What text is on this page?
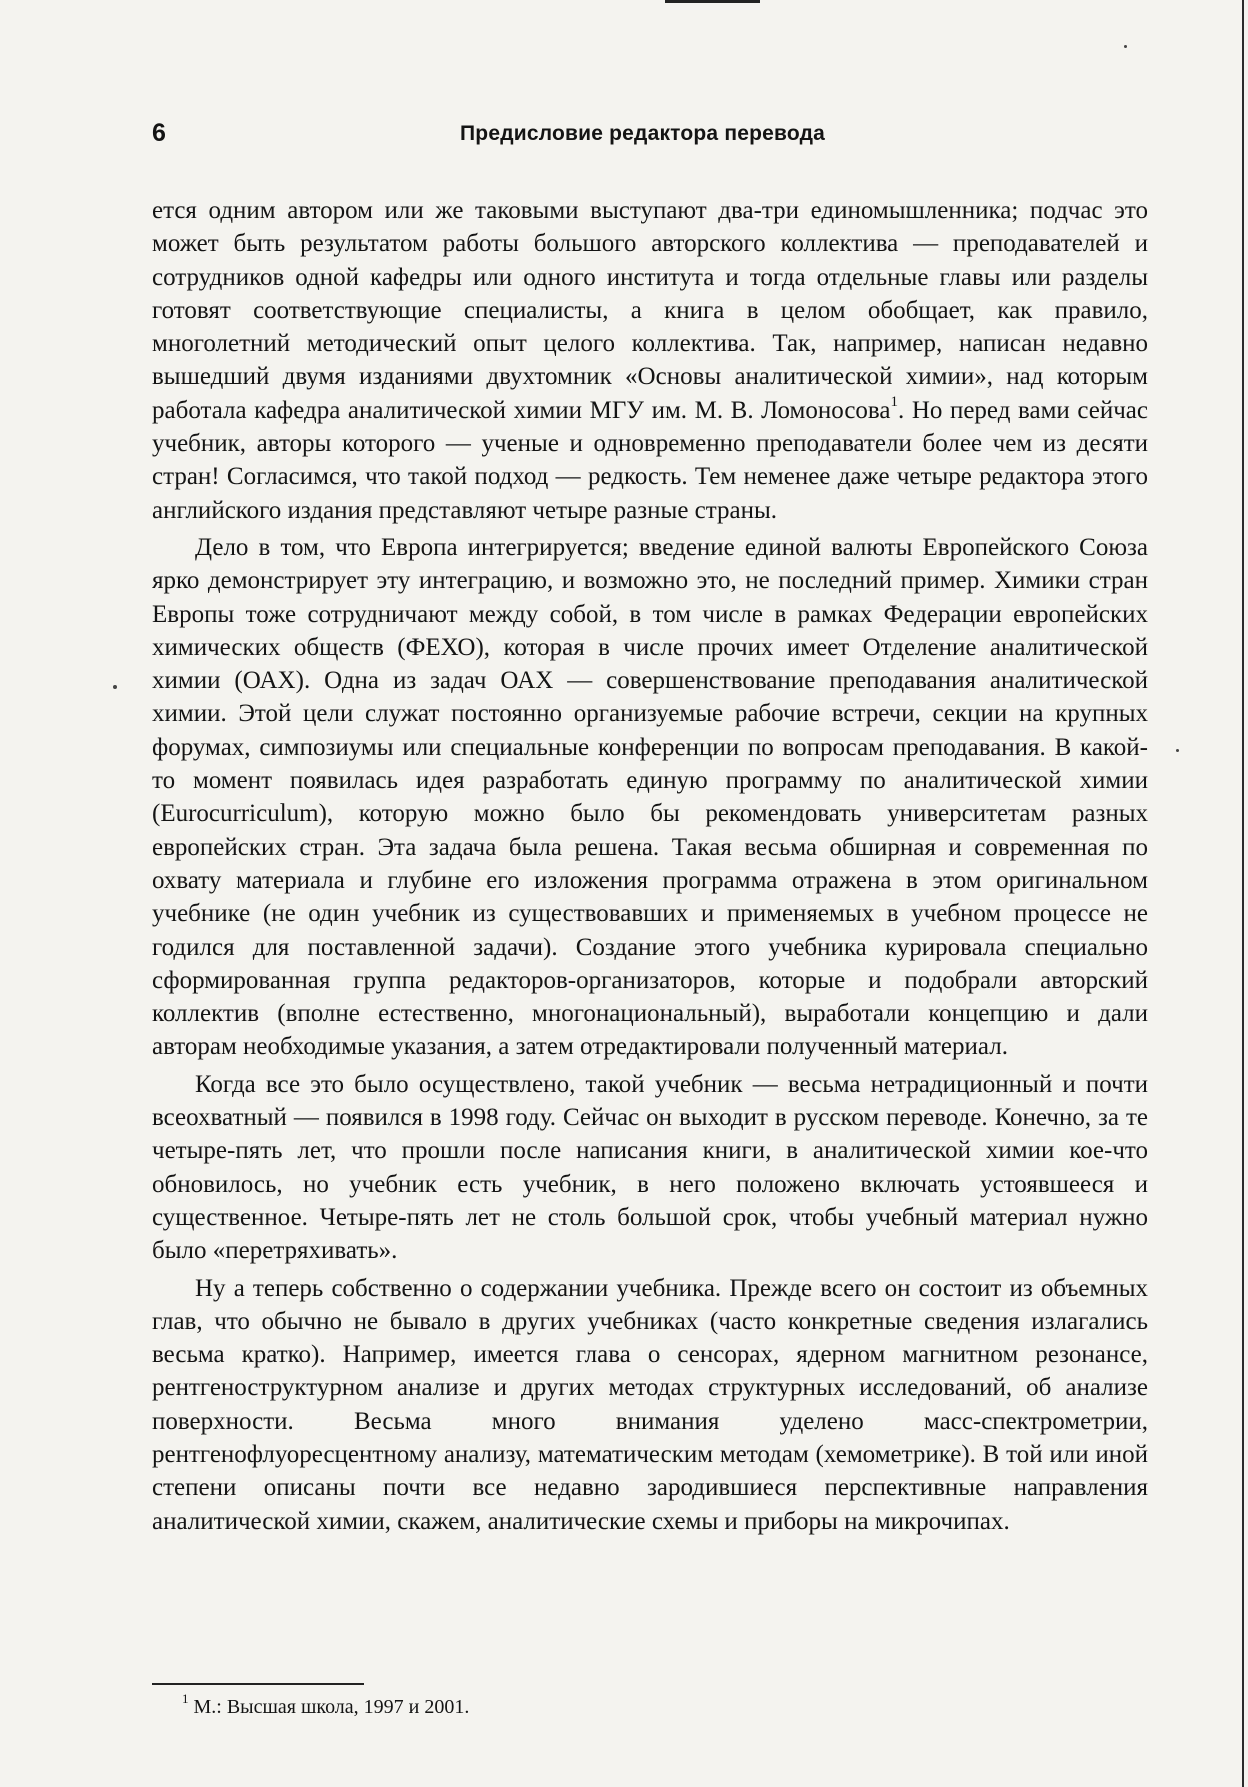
6	Предисловие редактора перевода

ется одним автором или же таковыми выступают два-три единомышленника; подчас это может быть результатом работы большого авторского коллектива — преподавателей и сотрудников одной кафедры или одного института и тогда отдельные главы или разделы готовят соответствующие специалисты, а книга в целом обобщает, как правило, многолетний методический опыт целого коллектива. Так, например, написан недавно вышедший двумя изданиями двухтомник «Основы аналитической химии», над которым работала кафедра аналитической химии МГУ им. М. В. Ломоносова$^1$. Но перед вами сейчас учебник, авторы которого — ученые и одновременно преподаватели более чем из десяти стран! Согласимся, что такой подход — редкость. Тем неменее даже четыре редактора этого английского издания представляют четыре разные страны.

Дело в том, что Европа интегрируется; введение единой валюты Европейского Союза ярко демонстрирует эту интеграцию, и возможно это, не последний пример. Химики стран Европы тоже сотрудничают между собой, в том числе в рамках Федерации европейских химических обществ (ФЕХО), которая в числе прочих имеет Отделение аналитической химии (ОАХ). Одна из задач ОАХ — совершенствование преподавания аналитической химии. Этой цели служат постоянно организуемые рабочие встречи, секции на крупных форумах, симпозиумы или специальные конференции по вопросам преподавания. В какой-то момент появилась идея разработать единую программу по аналитической химии (Eurocurriculum), которую можно было бы рекомендовать университетам разных европейских стран. Эта задача была решена. Такая весьма обширная и современная по охвату материала и глубине его изложения программа отражена в этом оригинальном учебнике (не один учебник из существовавших и применяемых в учебном процессе не годился для поставленной задачи). Создание этого учебника курировала специально сформированная группа редакторов-организаторов, которые и подобрали авторский коллектив (вполне естественно, многонациональный), выработали концепцию и дали авторам необходимые указания, а затем отредактировали полученный материал.

Когда все это было осуществлено, такой учебник — весьма нетрадиционный и почти всеохватный — появился в 1998 году. Сейчас он выходит в русском переводе. Конечно, за те четыре-пять лет, что прошли после написания книги, в аналитической химии кое-что обновилось, но учебник есть учебник, в него положено включать устоявшееся и существенное. Четыре-пять лет не столь большой срок, чтобы учебный материал нужно было «перетряхивать».

Ну а теперь собственно о содержании учебника. Прежде всего он состоит из объемных глав, что обычно не бывало в других учебниках (часто конкретные сведения излагались весьма кратко). Например, имеется глава о сенсорах, ядерном магнитном резонансе, рентгеноструктурном анализе и других методах структурных исследований, об анализе поверхности. Весьма много внимания уделено масс-спектрометрии, рентгенофлуоресцентному анализу, математическим методам (хемометрике). В той или иной степени описаны почти все недавно зародившиеся перспективные направления аналитической химии, скажем, аналитические схемы и приборы на микрочипах.

$^1$ М.: Высшая школа, 1997 и 2001.
